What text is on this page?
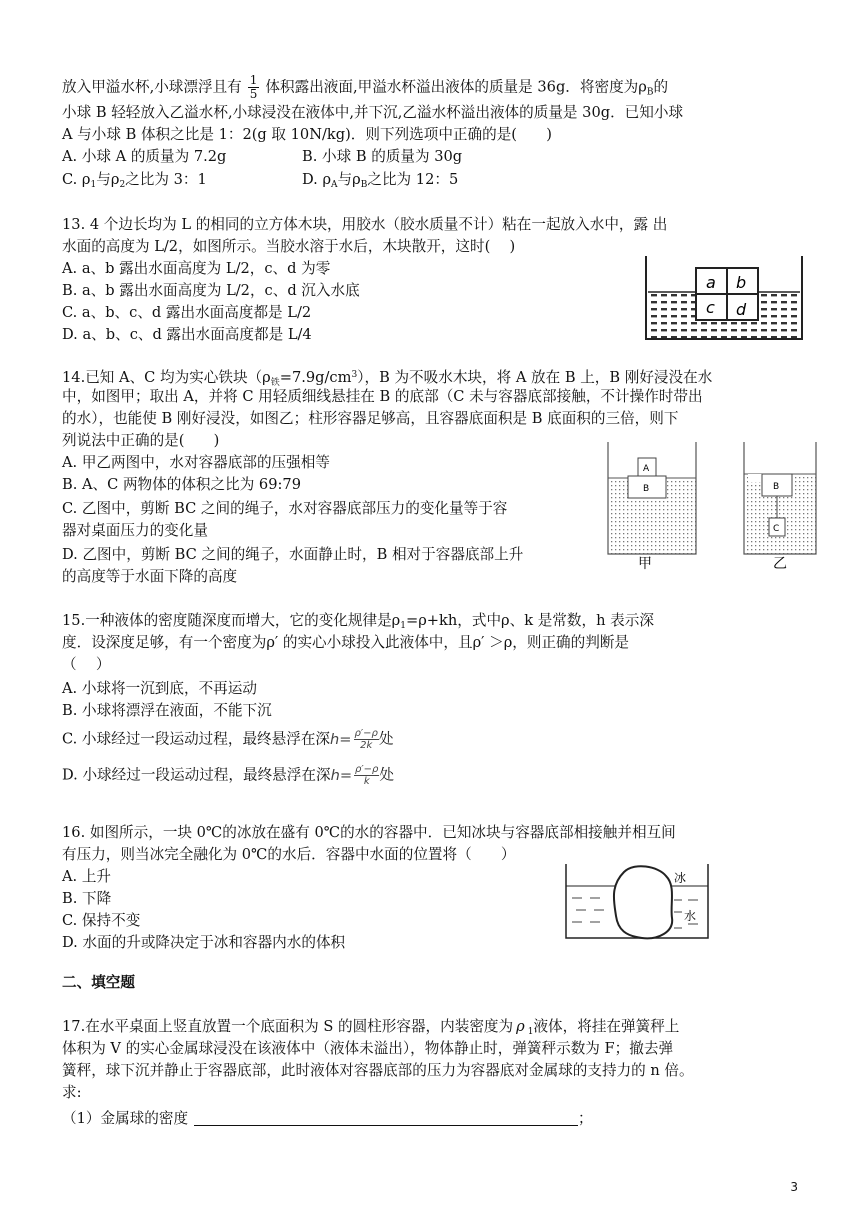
放入甲溢水杯,小球漂浮且有 $\frac{1}{5}$ 体积露出液面,甲溢水杯溢出液体的质量是 36g．将密度为$\rho_B$的
小球 B 轻轻放入乙溢水杯,小球浸没在液体中,并下沉,乙溢水杯溢出液体的质量是 30g．已知小球
A 与小球 B 体积之比是 1：2(g 取 10N/kg)．则下列选项中正确的是(　　)
A. 小球 A 的质量为 7.2g	B. 小球 B 的质量为 30g
C. $\rho_1$与$\rho_2$之比为 3：1	D. $\rho_A$与$\rho_B$之比为 12：5
13. 4 个边长均为 L 的相同的立方体木块，用胶水（胶水质量不计）粘在一起放入水中，露 出
水面的高度为 L/2，如图所示。当胶水溶于水后，木块散开，这时(　 )
A. a、b 露出水面高度为 L/2，c、d 为零
B. a、b 露出水面高度为 L/2，c、d 沉入水底
C. a、b、c、d 露出水面高度都是 L/2
D. a、b、c、d 露出水面高度都是 L/4
a b
c d
14.已知 A、C 均为实心铁块$(\rho_铁=7.9g/cm^3)$，B 为不吸水木块，将 A 放在 B 上，B 刚好浸没在水
中，如图甲；取出 A，并将 C 用轻质细线悬挂在 B 的底部（C 未与容器底部接触，不计操作时带出
的水），也能使 B 刚好浸没，如图乙；柱形容器足够高，且容器底面积是 B 底面积的三倍，则下
列说法中正确的是(　　)
A. 甲乙两图中，水对容器底部的压强相等
B. A、C 两物体的体积之比为 69:79
C. 乙图中，剪断 BC 之间的绳子，水对容器底部压力的变化量等于容
器对桌面压力的变化量
D. 乙图中，剪断 BC 之间的绳子，水面静止时，B 相对于容器底部上升
的高度等于水面下降的高度
A
B
甲
B
C
乙
15.一种液体的密度随深度而增大，它的变化规律是$\rho_1=\rho+kh$，式中ρ、k 是常数，h 表示深
度．设深度足够，有一个密度为ρ′ 的实心小球投入此液体中，且ρ′ ＞ρ，则正确的判断是
（　 ）
A. 小球将一沉到底，不再运动
B. 小球将漂浮在液面，不能下沉
C. 小球经过一段运动过程，最终悬浮在深 $h = \frac{\rho'-\rho}{2k}$ 处
D. 小球经过一段运动过程，最终悬浮在深 $h = \frac{\rho'-\rho}{k}$ 处
16. 如图所示，一块 0℃的冰放在盛有 0℃的水的容器中．已知冰块与容器底部相接触并相互间
有压力，则当冰完全融化为 0℃的水后．容器中水面的位置将（　　）
A. 上升
B. 下降
C. 保持不变
D. 水面的升或降决定于冰和容器内水的体积
冰
水
二、填空题
17.在水平桌面上竖直放置一个底面积为 S 的圆柱形容器，内装密度为 ρ $_1$液体，将挂在弹簧秤上
体积为 V 的实心金属球浸没在该液体中（液体未溢出），物体静止时，弹簧秤示数为 F；撤去弹
簧秤，球下沉并静止于容器底部，此时液体对容器底部的压力为容器底对金属球的支持力的 n 倍。
求:
（1）金属球的密度	；
3
